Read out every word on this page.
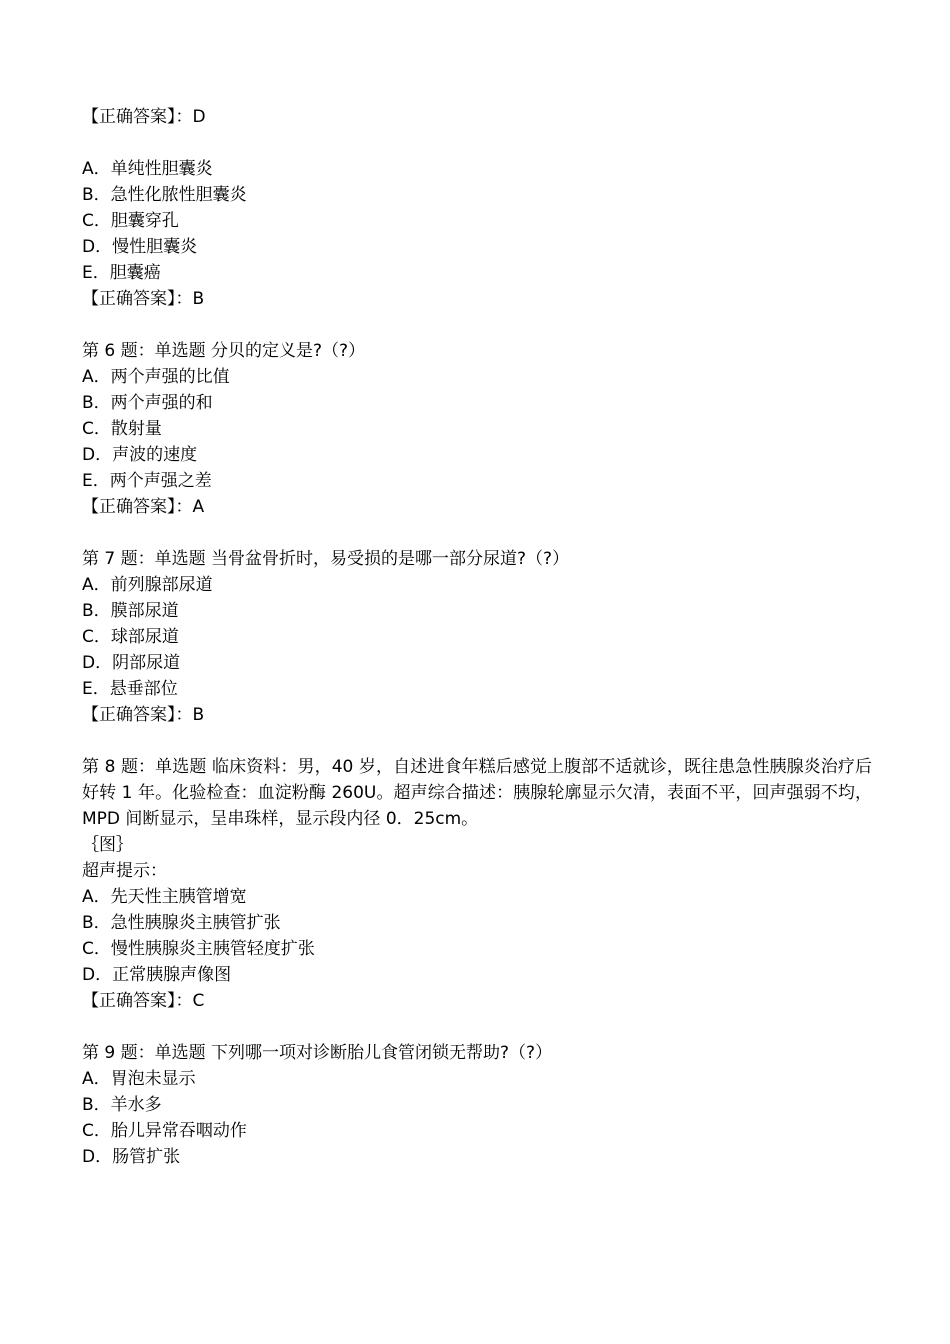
【正确答案】：D

A．单纯性胆囊炎

B．急性化脓性胆囊炎

C．胆囊穿孔

D．慢性胆囊炎

E．胆囊癌

【正确答案】：B

第 6 题：单选题 分贝的定义是?（?）

A．两个声强的比值

B．两个声强的和

C．散射量

D．声波的速度

E．两个声强之差

【正确答案】：A

第 7 题：单选题 当骨盆骨折时，易受损的是哪一部分尿道?（?）

A．前列腺部尿道

B．膜部尿道

C．球部尿道

D．阴部尿道

E．悬垂部位

【正确答案】：B

第 8 题：单选题 临床资料：男，40 岁，自述进食年糕后感觉上腹部不适就诊，既往患急性胰腺炎治疗后好转 1 年。化验检查：血淀粉酶 260U。超声综合描述：胰腺轮廓显示欠清，表面不平，回声强弱不均，MPD 间断显示，呈串珠样，显示段内径 0．25cm。

｛图｝

超声提示：

A．先天性主胰管增宽

B．急性胰腺炎主胰管扩张

C．慢性胰腺炎主胰管轻度扩张

D．正常胰腺声像图

【正确答案】：C

第 9 题：单选题 下列哪一项对诊断胎儿食管闭锁无帮助?（?）

A．胃泡未显示

B．羊水多

C．胎儿异常吞咽动作

D．肠管扩张
